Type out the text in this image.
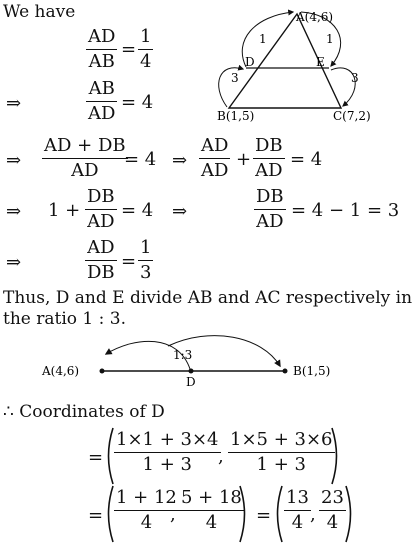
We have
AD
AB
=
1
4
⇒
AB
AD
= 4
⇒
AD + DB
AD
= 4 ⇒
AD
AD
+
DB
AD
= 4
⇒ 1 +
DB
AD
= 4 ⇒
DB
AD
= 4 − 1 = 3
⇒
AD
DB
=
1
3
Thus, D and E divide AB and AC respectively in
the ratio 1 : 3.
A(4,6)
B(1,5)	C(7,2)
D	E
1
3
1
3
A(4,6)	B(1,5)
D
1:3
∴ Coordinates of D
=
1×1 + 3×4
1 + 3 ,
1×5 + 3×6
1 + 3
=
1 + 12
4 ,
5 + 18
4 =
13
4 ,
23
4
